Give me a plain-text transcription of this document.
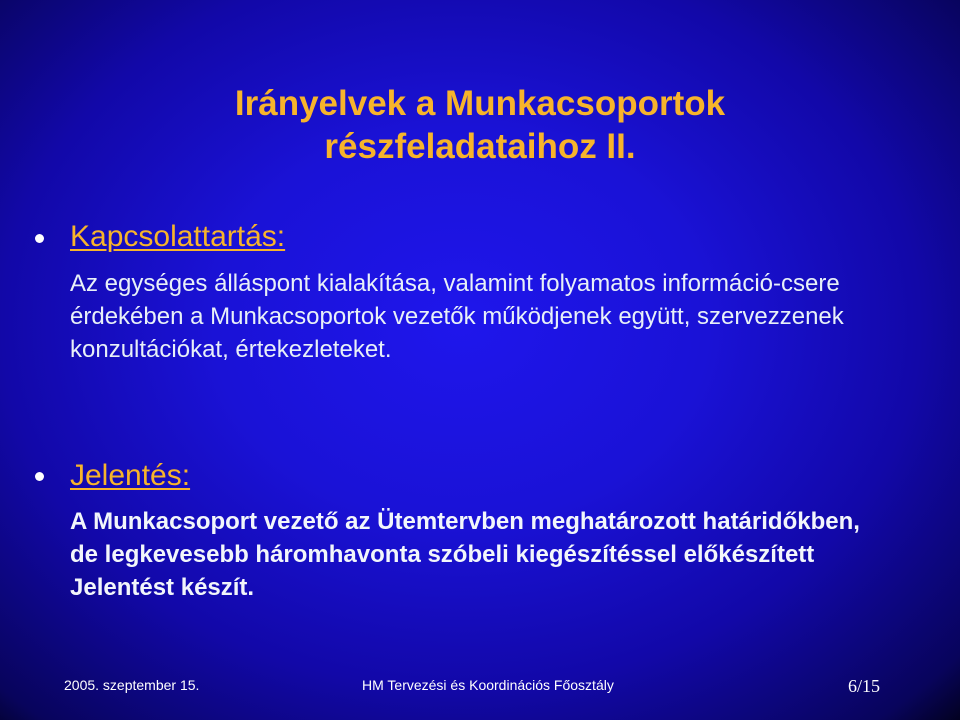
Irányelvek a Munkacsoportok
részfeladataihoz II.
Kapcsolattartás:
Az egységes álláspont kialakítása, valamint folyamatos információ-csere érdekében a Munkacsoportok vezetők működjenek együtt, szervezzenek konzultációkat, értekezleteket.
Jelentés:
A Munkacsoport vezető az Ütemtervben meghatározott határidőkben, de legkevesebb háromhavonta szóbeli kiegészítéssel előkészített Jelentést készít.
2005. szeptember 15.	HM Tervezési és Koordinációs Főosztály	6/15
